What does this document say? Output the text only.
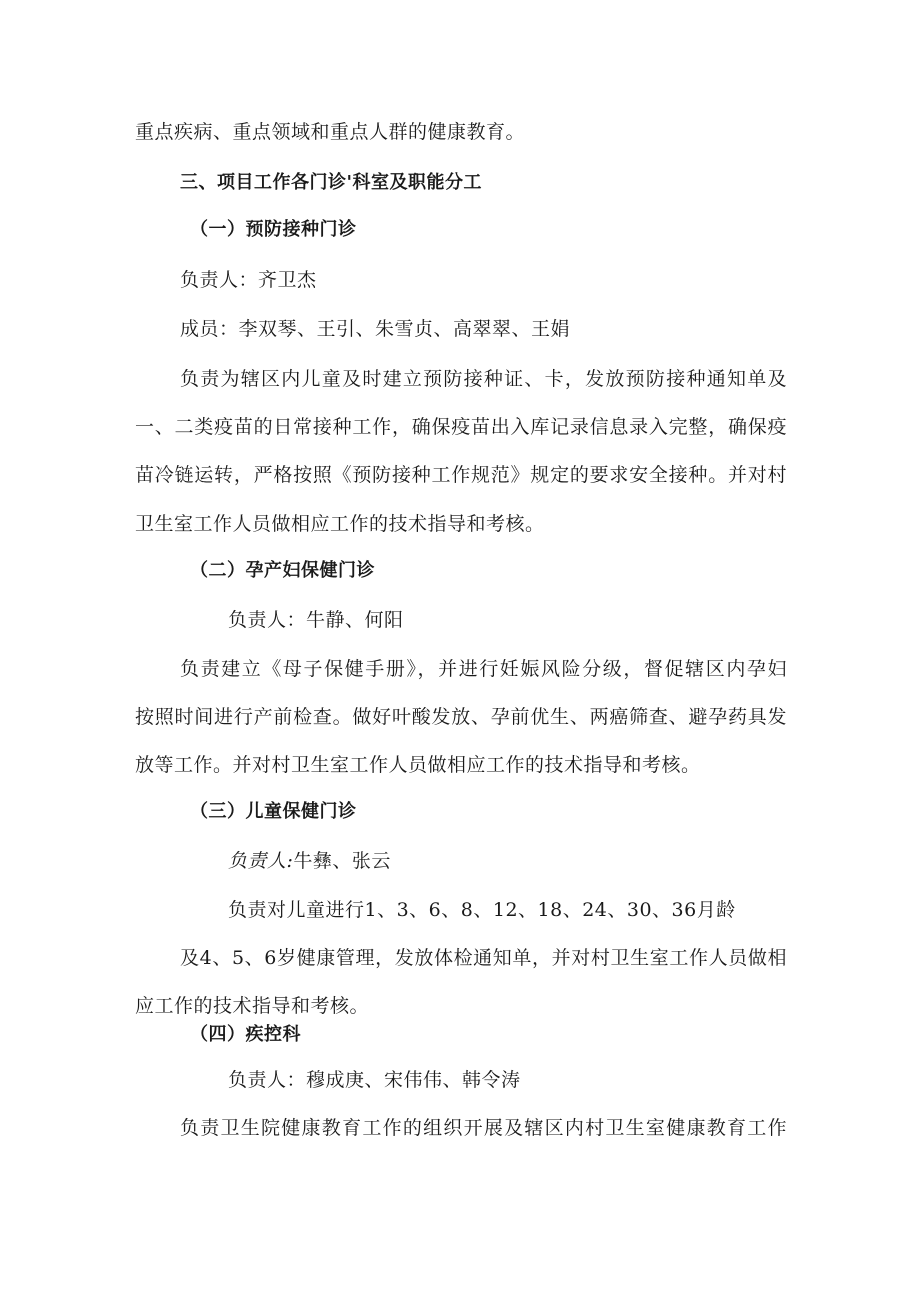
重点疾病、重点领域和重点人群的健康教育。
三、项目工作各门诊'科室及职能分工
（一）预防接种门诊
负责人：齐卫杰
成员：李双琴、王引、朱雪贞、高翠翠、王娟
负责为辖区内儿童及时建立预防接种证、卡，发放预防接种通知单及
一、二类疫苗的日常接种工作，确保疫苗出入库记录信息录入完整，确保疫
苗冷链运转，严格按照《预防接种工作规范》规定的要求安全接种。并对村
卫生室工作人员做相应工作的技术指导和考核。
（二）孕产妇保健门诊
负责人：牛静、何阳
负责建立《母子保健手册》，并进行妊娠风险分级，督促辖区内孕妇
按照时间进行产前检查。做好叶酸发放、孕前优生、两癌筛查、避孕药具发
放等工作。并对村卫生室工作人员做相应工作的技术指导和考核。
（三）儿童保健门诊
负责人:牛彝、张云
负责对儿童进行1、3、6、8、12、18、24、30、36月龄
及4、5、6岁健康管理，发放体检通知单，并对村卫生室工作人员做相
应工作的技术指导和考核。
（四）疾控科
负责人：穆成庚、宋伟伟、韩令涛
负责卫生院健康教育工作的组织开展及辖区内村卫生室健康教育工作
